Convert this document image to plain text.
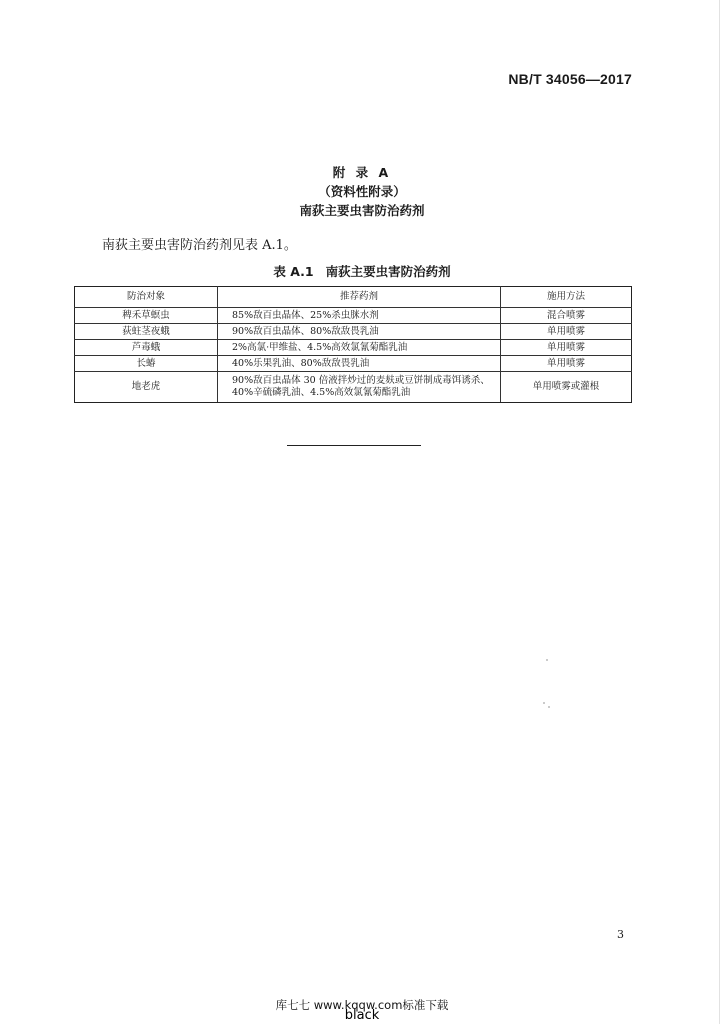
NB/T 34056—2017
附 录 A
（资料性附录）
南荻主要虫害防治药剂
南荻主要虫害防治药剂见表 A.1。
表 A.1 南荻主要虫害防治药剂
防治对象	推荐药剂	施用方法
稗禾草螟虫	85%敌百虫晶体、25%杀虫脒水剂	混合喷雾
荻蛀茎夜蛾	90%敌百虫晶体、80%敌敌畏乳油	单用喷雾
芦毒蛾	2%高氯·甲维盐、4.5%高效氯氰菊酯乳油	单用喷雾
长蝽	40%乐果乳油、80%敌敌畏乳油	单用喷雾
地老虎	90%敌百虫晶体 30 倍液拌炒过的麦麸或豆饼制成毒饵诱杀、
40%辛硫磷乳油、4.5%高效氯氰菊酯乳油	单用喷雾或灌根
3
库七七 www.kqqw.com标准下载
black
